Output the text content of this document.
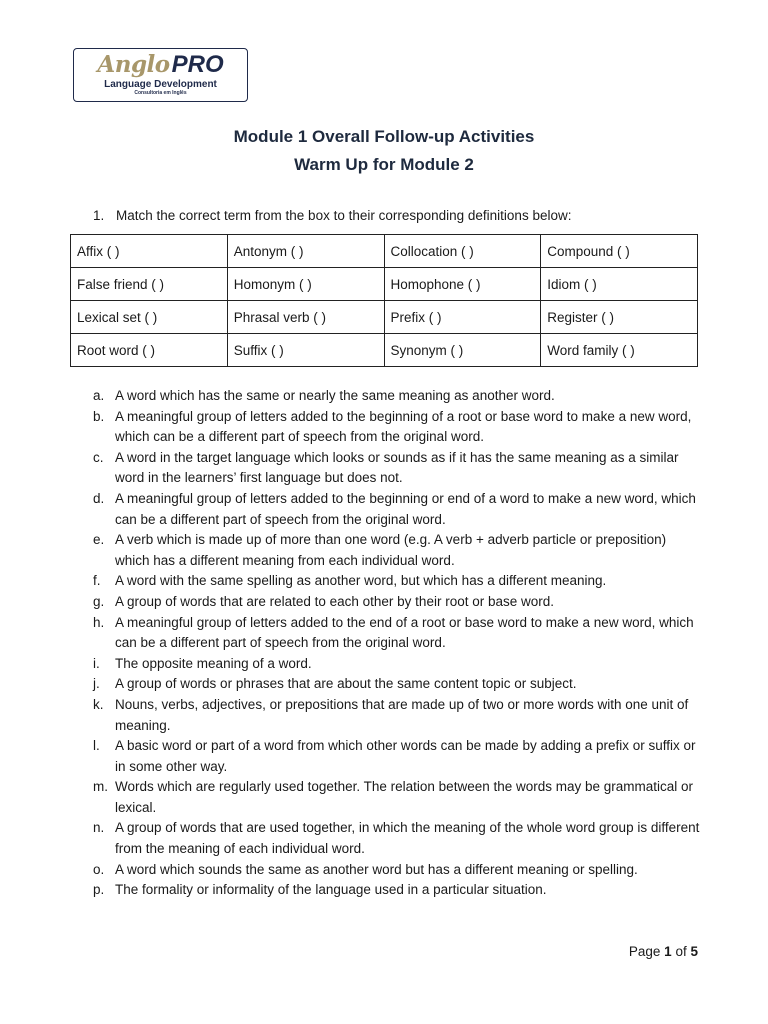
AngloPRO
Language Development
Consultoria em Inglês
Module 1 Overall Follow-up Activities
Warm Up for Module 2
1. Match the correct term from the box to their corresponding definitions below:
Affix ( )	Antonym ( )	Collocation ( )	Compound ( )
False friend ( )	Homonym ( )	Homophone ( )	Idiom ( )
Lexical set ( )	Phrasal verb ( )	Prefix ( )	Register ( )
Root word ( )	Suffix ( )	Synonym ( )	Word family ( )
a. A word which has the same or nearly the same meaning as another word.
b. A meaningful group of letters added to the beginning of a root or base word to make a new word, which can be a different part of speech from the original word.
c. A word in the target language which looks or sounds as if it has the same meaning as a similar word in the learners’ first language but does not.
d. A meaningful group of letters added to the beginning or end of a word to make a new word, which can be a different part of speech from the original word.
e. A verb which is made up of more than one word (e.g. A verb + adverb particle or preposition) which has a different meaning from each individual word.
f.	A word with the same spelling as another word, but which has a different meaning.
g. A group of words that are related to each other by their root or base word.
h. A meaningful group of letters added to the end of a root or base word to make a new word, which can be a different part of speech from the original word.
i.	The opposite meaning of a word.
j.	A group of words or phrases that are about the same content topic or subject.
k. Nouns, verbs, adjectives, or prepositions that are made up of two or more words with one unit of meaning.
l.	A basic word or part of a word from which other words can be made by adding a prefix or suffix or in some other way.
m. Words which are regularly used together. The relation between the words may be grammatical or lexical.
n. A group of words that are used together, in which the meaning of the whole word group is different from the meaning of each individual word.
o. A word which sounds the same as another word but has a different meaning or spelling.
p. The formality or informality of the language used in a particular situation.
Page 1 of 5
